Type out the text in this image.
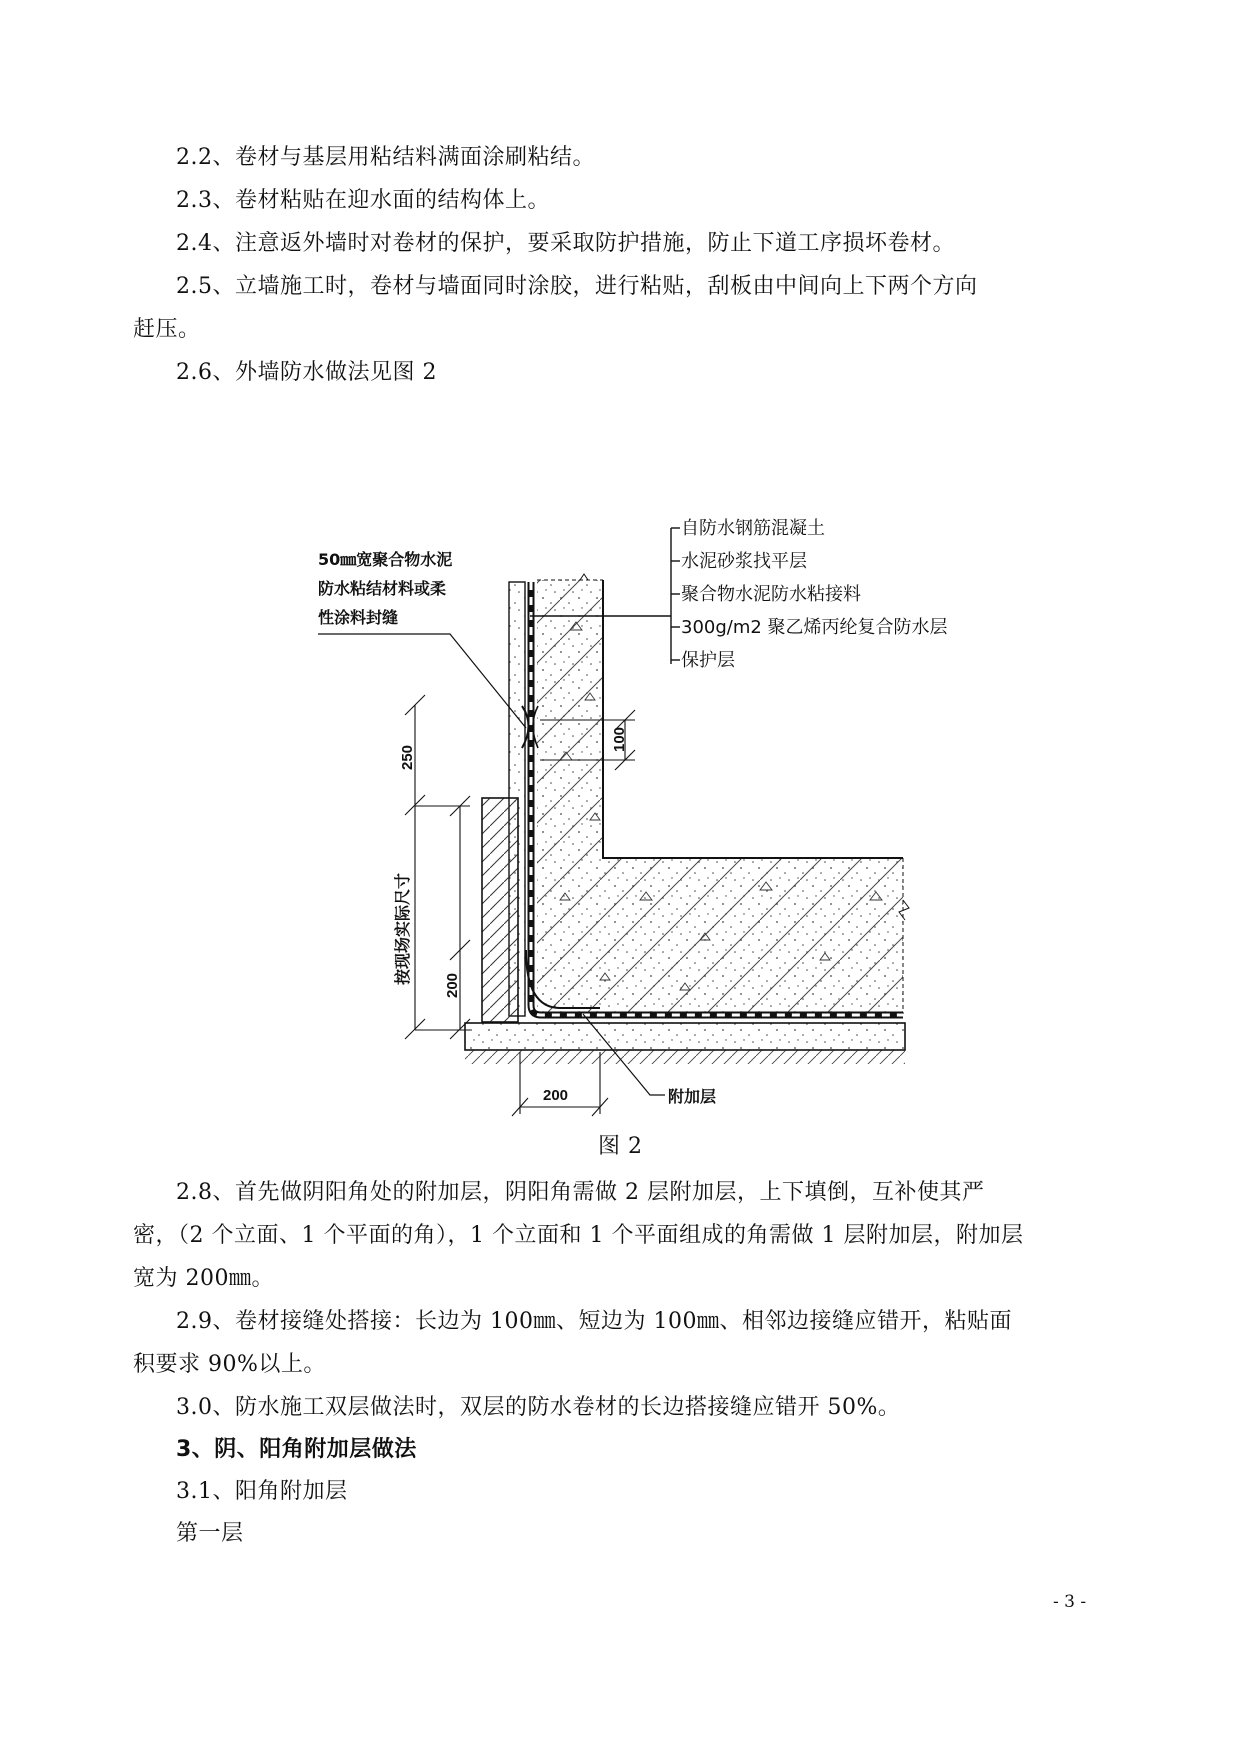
2.2、卷材与基层用粘结料满面涂刷粘结。
2.3、卷材粘贴在迎水面的结构体上。
2.4、注意返外墙时对卷材的保护，要采取防护措施，防止下道工序损坏卷材。
2.5、立墙施工时，卷材与墙面同时涂胶，进行粘贴，刮板由中间向上下两个方向
赶压。
2.6、外墙防水做法见图 2
自防水钢筋混凝土
水泥砂浆找平层
聚合物水泥防水粘接料
300g/m2 聚乙烯丙纶复合防水层
保护层
50㎜宽聚合物水泥
防水粘结材料或柔
性涂料封缝
250
按现场实际尺寸
200
100
200	附加层
图 2
2.8、首先做阴阳角处的附加层，阴阳角需做 2 层附加层，上下填倒，互补使其严
密，（2 个立面、1 个平面的角），1 个立面和 1 个平面组成的角需做 1 层附加层，附加层
宽为 200㎜。
2.9、卷材接缝处搭接：长边为 100㎜、短边为 100㎜、相邻边接缝应错开，粘贴面
积要求 90%以上。
3.0、防水施工双层做法时，双层的防水卷材的长边搭接缝应错开 50%。
3、阴、阳角附加层做法
3.1、阳角附加层
第一层
- 3 -
